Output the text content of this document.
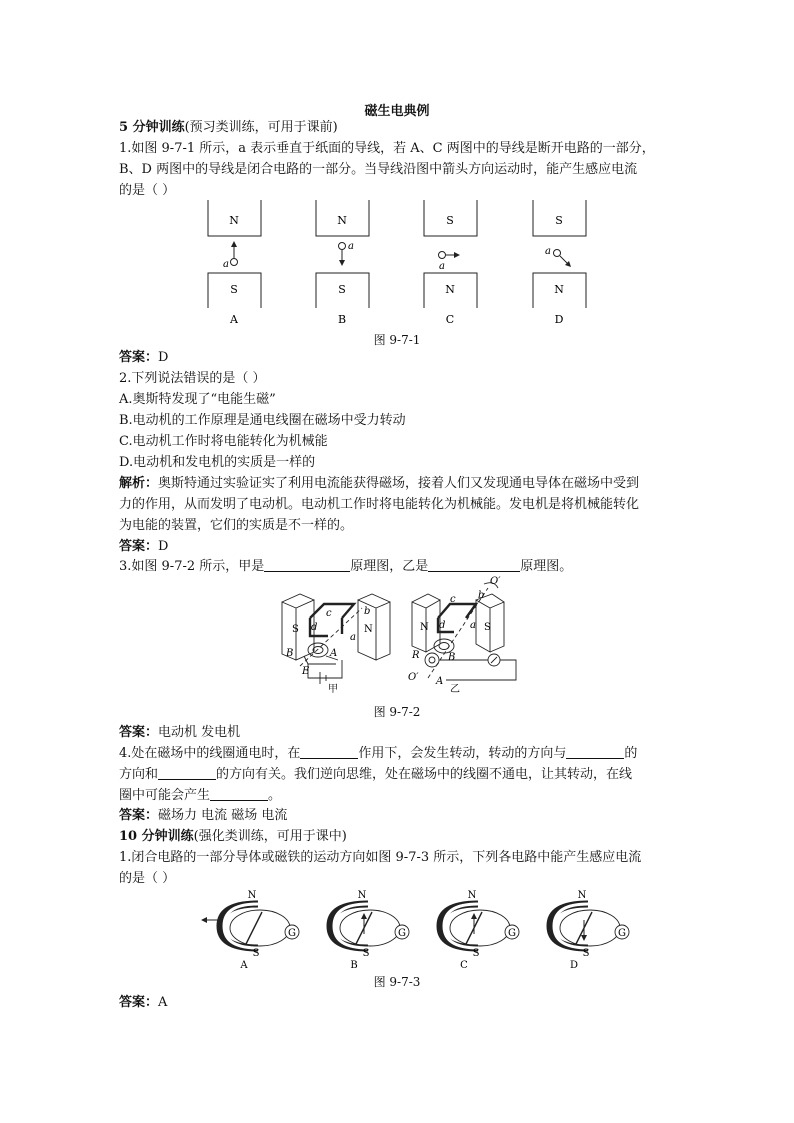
磁生电典例
5 分钟训练(预习类训练，可用于课前)
1.如图 9-7-1 所示，a 表示垂直于纸面的导线，若 A、C 两图中的导线是断开电路的一部分，
B、D 两图中的导线是闭合电路的一部分。当导线沿图中箭头方向运动时，能产生感应电流
的是（ ）
N
S
a
A
N
S
a
B
S
N
a
C
S
N
a
D
图 9-7-1
答案：D
2.下列说法错误的是（ ）
A.奥斯特发现了“电能生磁”
B.电动机的工作原理是通电线圈在磁场中受力转动
C.电动机工作时将电能转化为机械能
D.电动机和发电机的实质是一样的
解析：奥斯特通过实验证实了利用电流能获得磁场，接着人们又发现通电导体在磁场中受到
力的作用，从而发明了电动机。电动机工作时将电能转化为机械能。发电机是将机械能转化
为电能的装置，它们的实质是不一样的。
答案：D
3.如图 9-7-2 所示，甲是	原理图，乙是	原理图。
S	N
c	b
d
a
B	A
E
甲
N	S
c b
d a
O′
R	B
A
O′
乙
图 9-7-2
答案：电动机 发电机
4.处在磁场中的线圈通电时，在	作用下，会发生转动，转动的方向与	的
方向和	的方向有关。我们逆向思维，处在磁场中的线圈不通电，让其转动，在线
圈中可能会产生	。
答案：磁场力 电流 磁场 电流
10 分钟训练(强化类训练，可用于课中)
1.闭合电路的一部分导体或磁铁的运动方向如图 9-7-3 所示，下列各电路中能产生感应电流
的是（ ）
G
N
S
A
G
N
S
B
G
N
S
C
G
N
S
D
图 9-7-3
答案：A
